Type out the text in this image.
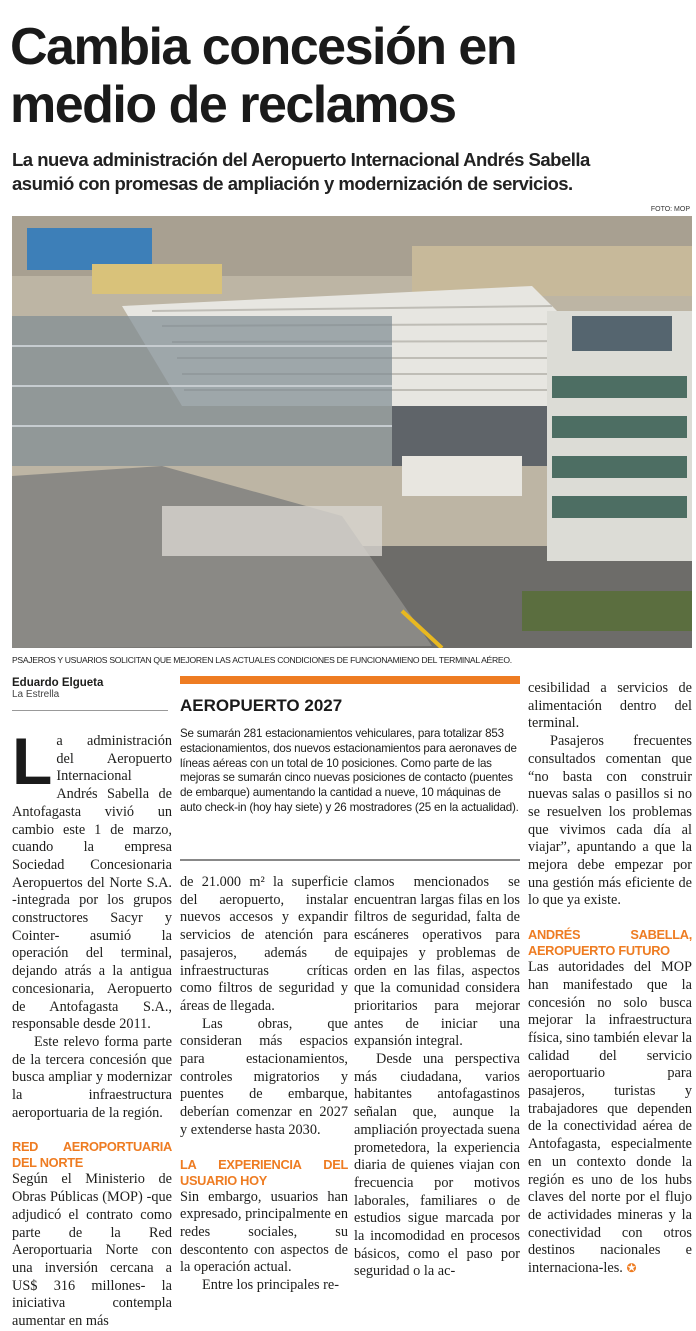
Cambia concesión en
medio de reclamos
La nueva administración del Aeropuerto Internacional Andrés Sabella
asumió con promesas de ampliación y modernización de servicios.
FOTO: MOP
PSAJEROS Y USUARIOS SOLICITAN QUE MEJOREN LAS ACTUALES CONDICIONES DE FUNCIONAMIENO DEL TERMINAL AÉREO.
Eduardo Elgueta
La Estrella

La administración del Aeropuerto Internacional Andrés Sabella de Antofagasta vivió un cambio este 1 de marzo, cuando la empresa Sociedad Concesionaria Aeropuertos del Norte S.A. -integrada por los grupos constructores Sacyr y Cointer- asumió la operación del terminal, dejando atrás a la antigua concesionaria, Aeropuerto de Antofagasta S.A., responsable desde 2011.

Este relevo forma parte de la tercera concesión que busca ampliar y modernizar la infraestructura aeroportuaria de la región.

RED AEROPORTUARIA DEL NORTE

Según el Ministerio de Obras Públicas (MOP) -que adjudicó el contrato como parte de la Red Aeroportuaria Norte con una inversión cercana a US$ 316 millones- la iniciativa contempla aumentar en más

AEROPUERTO 2027

Se sumarán 281 estacionamientos vehiculares, para totalizar 853 estacionamientos, dos nuevos estacionamientos para aeronaves de líneas aéreas con un total de 10 posiciones. Como parte de las mejoras se sumarán cinco nuevas posiciones de contacto (puentes de embarque) aumentando la cantidad a nueve, 10 máquinas de auto check-in (hoy hay siete) y 26 mostradores (25 en la actualidad).

de 21.000 m² la superficie del aeropuerto, instalar nuevos accesos y expandir servicios de atención para pasajeros, además de infraestructuras críticas como filtros de seguridad y áreas de llegada.

Las obras, que consideran más espacios para estacionamientos, controles migratorios y puentes de embarque, deberían comenzar en 2027 y extenderse hasta 2030.

LA EXPERIENCIA DEL USUARIO HOY

Sin embargo, usuarios han expresado, principalmente en redes sociales, su descontento con aspectos de la operación actual.

Entre los principales re-

clamos mencionados se encuentran largas filas en los filtros de seguridad, falta de escáneres operativos para equipajes y problemas de orden en las filas, aspectos que la comunidad considera prioritarios para mejorar antes de iniciar una expansión integral.

Desde una perspectiva más ciudadana, varios habitantes antofagastinos señalan que, aunque la ampliación proyectada suena prometedora, la experiencia diaria de quienes viajan con frecuencia por motivos laborales, familiares o de estudios sigue marcada por la incomodidad en procesos básicos, como el paso por seguridad o la ac-

cesibilidad a servicios de alimentación dentro del terminal.

Pasajeros frecuentes consultados comentan que “no basta con construir nuevas salas o pasillos si no se resuelven los problemas que vivimos cada día al viajar”, apuntando a que la mejora debe empezar por una gestión más eficiente de lo que ya existe.

ANDRÉS SABELLA, AEROPUERTO FUTURO

Las autoridades del MOP han manifestado que la concesión no solo busca mejorar la infraestructura física, sino también elevar la calidad del servicio aeroportuario para pasajeros, turistas y trabajadores que dependen de la conectividad aérea de Antofagasta, especialmente en un contexto donde la región es uno de los hubs claves del norte por el flujo de actividades mineras y la conectividad con otros destinos nacionales e internaciona-les. ✪
